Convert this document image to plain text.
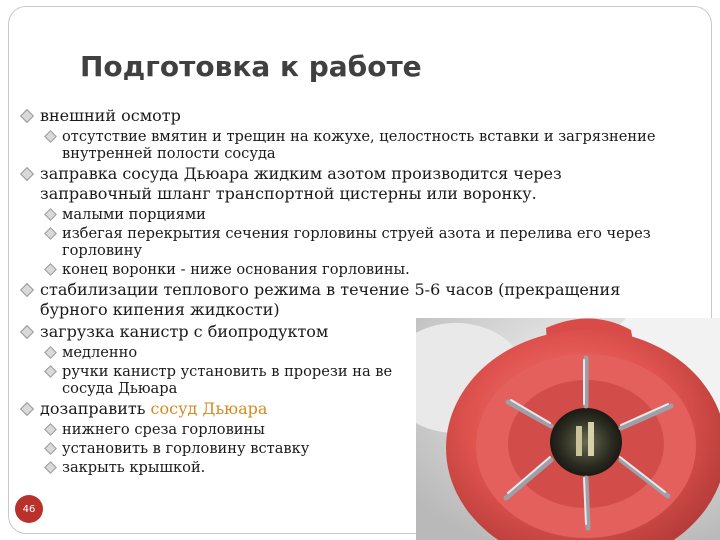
Подготовка к работе
внешний осмотр
отсутствие вмятин и трещин на кожухе, целостность вставки и загрязнение внутренней полости сосуда
заправка сосуда Дьюара жидким азотом производится через заправочный шланг транспортной цистерны или воронку.
малыми порциями
избегая перекрытия сечения горловины струей азота и перелива его через горловину
конец воронки - ниже основания горловины.
стабилизации теплового режима в течение 5-6 часов (прекращения бурного кипения жидкости)
загрузка канистр с биопродуктом
медленно
ручки канистр установить в прорези на ве
сосуда Дьюара
дозаправить сосуд Дьюара
нижнего среза горловины
установить в горловину вставку
закрыть крышкой.
46
